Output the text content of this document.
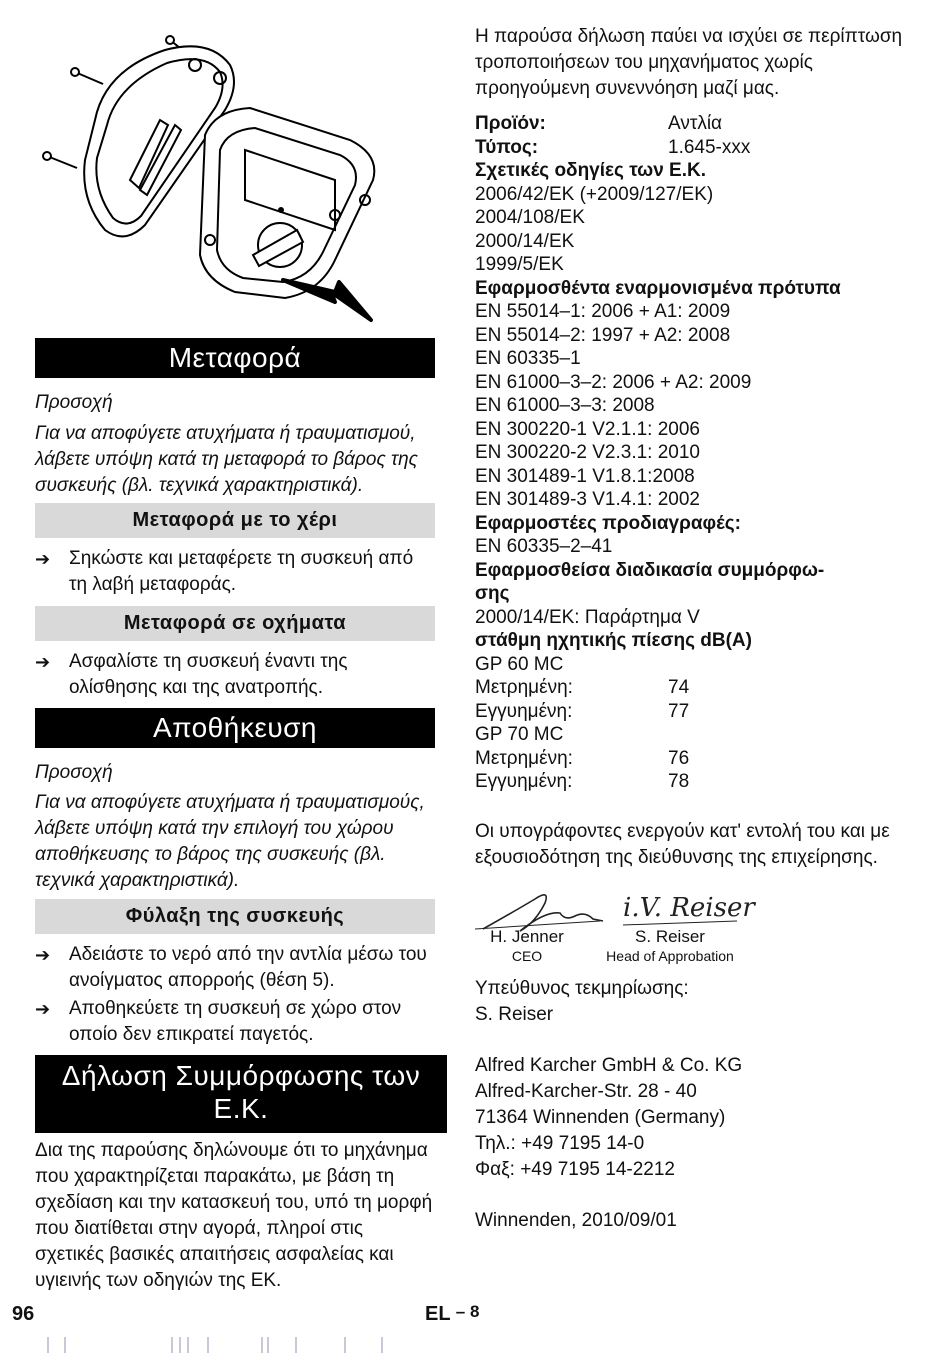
Μεταφορά
Προσοχή
Για να αποφύγετε ατυχήματα ή τραυματισμού, λάβετε υπόψη κατά τη μεταφορά το βάρος της συσκευής (βλ. τεχνικά χαρακτηριστικά).
Μεταφορά με το χέρι
➔ Σηκώστε και μεταφέρετε τη συσκευή από τη λαβή μεταφοράς.
Μεταφορά σε οχήματα
➔ Ασφαλίστε τη συσκευή έναντι της ολίσθησης και της ανατροπής.
Αποθήκευση
Προσοχή
Για να αποφύγετε ατυχήματα ή τραυματισμούς, λάβετε υπόψη κατά την επιλογή του χώρου αποθήκευσης το βάρος της συσκευής (βλ. τεχνικά χαρακτηριστικά).
Φύλαξη της συσκευής
➔ Αδειάστε το νερό από την αντλία μέσω του ανοίγματος απορροής (θέση 5).
➔ Αποθηκεύετε τη συσκευή σε χώρο στον οποίο δεν επικρατεί παγετός.
Δήλωση Συμμόρφωσης των
Ε.Κ.
Δια της παρούσης δηλώνουμε ότι το μηχάνημα που χαρακτηρίζεται παρακάτω, με βάση τη σχεδίαση και την κατασκευή του, υπό τη μορφή που διατίθεται στην αγορά, πληροί στις σχετικές βασικές απαιτήσεις ασφαλείας και υγιεινής των οδηγιών της ΕΚ.

Η παρούσα δήλωση παύει να ισχύει σε περίπτωση τροποποιήσεων του μηχανήματος χωρίς προηγούμενη συνεννόηση μαζί μας.

Προϊόν:	Αντλία
Τύπος:	1.645-xxx

Σχετικές οδηγίες των Ε.Κ.

2006/42/EK (+2009/127/EK)

2004/108/EK

2000/14/EK

1999/5/EK

Εφαρμοσθέντα εναρμονισμένα πρότυπα

EN 55014–1: 2006 + A1: 2009

EN 55014–2: 1997 + A2: 2008

EN 60335–1

EN 61000–3–2: 2006 + A2: 2009

EN 61000–3–3: 2008

EN 300220-1 V2.1.1: 2006

EN 300220-2 V2.3.1: 2010

EN 301489-1 V1.8.1:2008

EN 301489-3 V1.4.1: 2002

Εφαρμοστέες προδιαγραφές:

EN 60335–2–41

Εφαρμοσθείσα διαδικασία συμμόρφω-

σης

2000/14/EK: Παράρτημα V

στάθμη ηχητικής πίεσης dB(A)

GP 60 MC

Μετρημένη:	74
Εγγυημένη:	77

GP 70 MC

Μετρημένη:	76
Εγγυημένη:	78

Οι υπογράφοντες ενεργούν κατ' εντολή του και με εξουσιοδότηση της διεύθυνσης της επιχείρησης.

i.V. Reiser
H. Jenner
CEO
S. Reiser
Head of Approbation

Υπεύθυνος τεκμηρίωσης:

S. Reiser

Alfred Karcher GmbH & Co. KG

Alfred-Karcher-Str. 28 - 40

71364 Winnenden (Germany)

Τηλ.: +49 7195 14-0

Φαξ: +49 7195 14-2212

Winnenden, 2010/09/01

96	EL – 8
